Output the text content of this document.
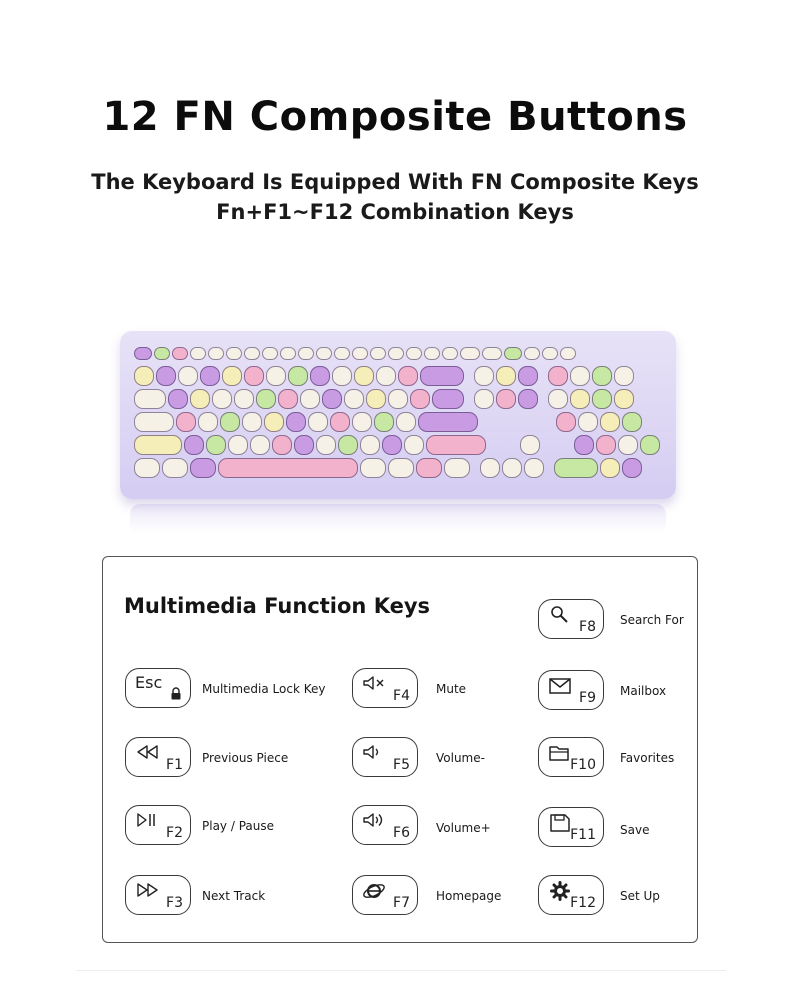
12 FN Composite Buttons
The Keyboard Is Equipped With FN Composite Keys
Fn+F1~F12 Combination Keys
Multimedia Function Keys
Esc	Multimedia Lock Key
F1 Previous Piece
F2 Play / Pause
F3 Next Track
F4 Mute
F5 Volume-
F6 Volume+
F7 Homepage
F8 Search For
F9 Mailbox
F10 Favorites
F11 Save
F12 Set Up
